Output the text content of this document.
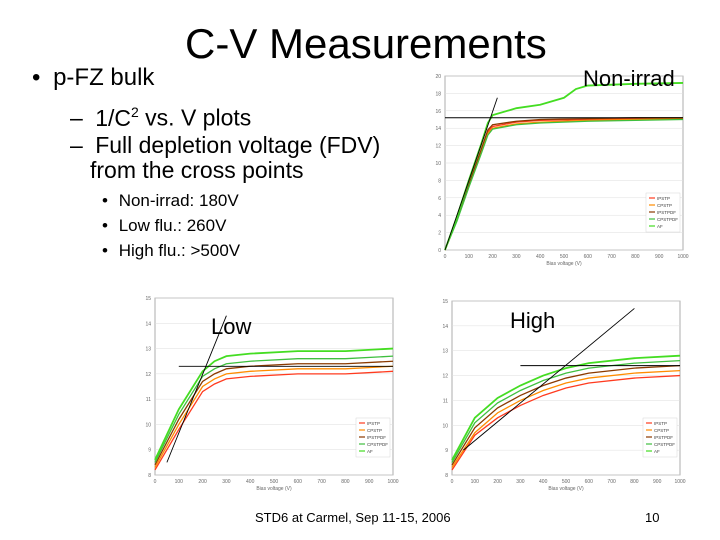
C-V Measurements
• p-FZ bulk
– $1/C^2$ vs. V plots
– Full depletion voltage (FDV)
from the cross points
• Non-irrad: 180V
• Low flu.: 260V
• High flu.: >500V	0
2
4
6
8
10
12
14
16
18
20
0	100	200	300	400	500	600	700	800	900	1000
Bias voltage (V)
IPSTP
CPSTP
IPSTPDF
CPSTPDF
AF
8
9
10
11
12
13
14
15
0	100	200	300	400	500	600	700	800	900	1000
Bias voltage (V)
IPSTP
CPSTP
IPSTPDF
CPSTPDF
AF
8
9
10
11
12
13
14
15
0	100	200	300	400	500	600	700	800	900	1000
Bias voltage (V)
IPSTP
CPSTP
IPSTPDF
CPSTPDF
AF
Non-irrad
Low	High
STD6 at Carmel, Sep 11-15, 2006	10
